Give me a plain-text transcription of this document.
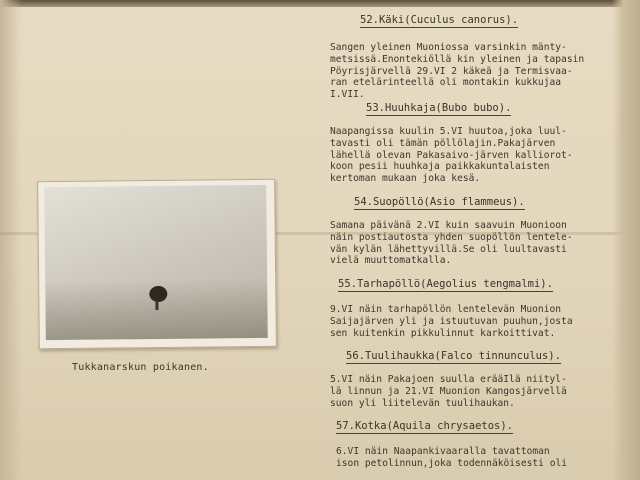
Tukkanarskun poikanen.
52.Käki(Cuculus canorus).
Sangen yleinen Muoniossa varsinkin mänty-
metsissä.Enontekiöllä kin yleinen ja tapasin
Pöyrisjärvellä 29.VI 2 käkeä ja Termisvaa-
ran etelärinteellä oli montakin kukkujaa
I.VII.
53.Huuhkaja(Bubo bubo).
Naapangissa kuulin 5.VI huutoa,joka luul-
tavasti oli tämän pöllölajin.Pakajärven
lähellä olevan Pakasaivo-järven kalliorot-
koon pesii huuhkaja paikkakuntalaisten
kertoman mukaan joka kesä.
54.Suopöllö(Asio flammeus).
Samana päivänä 2.VI kuin saavuin Muonioon
näin postiautosta yhden suopöllön lentele-
vän kylän lähettyvillä.Se oli luultavasti
vielä muuttomatkalla.
55.Tarhapöllö(Aegolius tengmalmi).
9.VI näin tarhapöllön lentelevän Muonion
Saijajärven yli ja istuutuvan puuhun,josta
sen kuitenkin pikkulinnut karkoittivat.
56.Tuulihaukka(Falco tinnunculus).
5.VI näin Pakajoen suulla erääIlä niityl-
lä linnun ja 21.VI Muonion Kangosjärvellä
suon yli liitelevän tuulihaukan.
57.Kotka(Aquila chrysaetos).
6.VI näin Naapankivaaralla tavattoman
ison petolinnun,joka todennäköisesti oli
